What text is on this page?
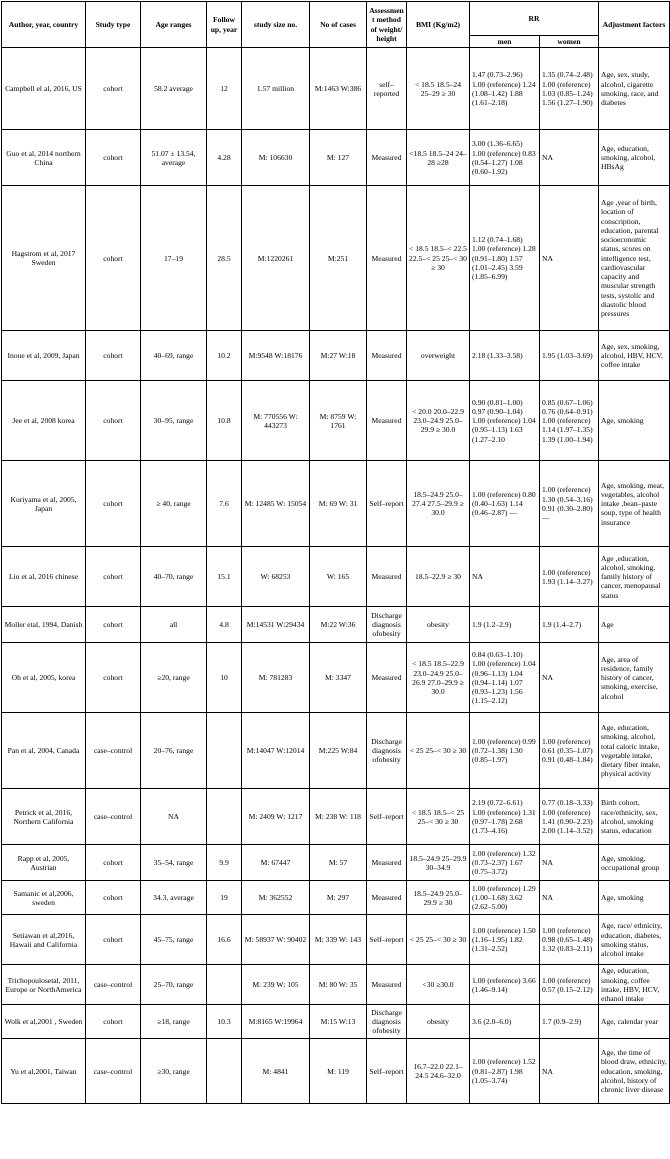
Author, year, country	Study type	Age ranges	Follow up, year	study size no.	No of cases	Assessment method of weight/ height	BMI (Kg/m2)	RR		Adjustment factors
								men	women	
Campbell el al, 2016, US	cohort	58.2 average	12	1.57 million	M:1463 W:386	self–reported	< 18.5 18.5–24 25–29 ≥ 30	1.47 (0.73–2.96) 1.00 (reference) 1.24 (1.08–1.42) 1.88 (1.61–2.18)	1.35 (0.74–2.48) 1.00 (reference) 1.03 (0.85–1.24) 1.56 (1.27–1.90)	Age, sex, study, alcohol, cigarette smoking, race, and diabetes
Guo et al, 2014 northern China	cohort	51.07 ± 13.54, average	4.28	M: 106630	M: 127	Measured	<18.5 18.5–24 24–28 ≥28	3.00 (1.36–6.65) 1.00 (reference) 0.83 (0.54–1.27) 1.08 (0.60–1.92)	NA	Age, education, smoking, alcohol, HBsAg
Hagstrom et al, 2017 Sweden	cohort	17–19	28.5	M:1220261	M:251	Measured	< 18.5 18.5–< 22.5 22.5–< 25 25–< 30 ≥ 30	1.12 (0.74–1.68) 1.00 (reference) 1.28 (0.91–1.80) 1.57 (1.01–2.45) 3.59 (1.85–6.99)	NA	Age ,year of birth, location of conscription, education, parental socioeconomic status, scores on intelligence test, cardiovascular capacity and muscular strength tests, systolic and diastolic blood pressures
Inoue et al, 2009, Japan	cohort	40–69, range	10.2	M:9548 W:18176	M:27 W:18	Measured	overweight	2.18 (1.33–3.58)	1.95 (1.03–3.69)	Age, sex, smoking, alcohol, HBV, HCV, coffee intake
Jee et al, 2008 korea	cohort	30–95, range	10.8	M: 770556 W: 443273	M: 8759 W: 1761	Measured	< 20.0 20.0–22.9 23.0–24.9 25.0–29.9 ≥ 30.0	0.90 (0.81–1.00) 0.97 (0.90–1.04) 1.00 (reference) 1.04 (0.95–1.13) 1.63 (1.27–2.10	0.85 (0.67–1.06) 0.76 (0.64–0.91) 1.00 (reference) 1.14 (1.97–1.35) 1.39 (1.00–1.94)	Age, smoking
Kuriyama et al, 2005, Japan	cohort	≥ 40, range	7.6	M: 12485 W: 15054	M: 69 W: 31	Self–report	18.5–24.9 25.0–27.4 27.5–29.9 ≥ 30.0	1.00 (reference) 0.80 (0.40–1.63) 1.14 (0.46–2.87) —	1.00 (reference) 1.30 (0.54–3.16) 0.91 (0.30–2.80) —	Age, smoking, meat, vegetables, alcohol intake ,bean–paste soup, type of health insurance
Liu et al, 2016 chinese	cohort	40–70, range	15.1	W: 68253	W: 165	Measured	18.5–22.9 ≥ 30	NA	1.00 (reference) 1.93 (1.14–3.27)	Age ,education, alcohol, smoking, family history of cancer, menopausal status
Moller etal, 1994, Danish	cohort	all	4.8	M:14531 W:29434	M:22 W:36	Discharge diagnosis ofobesity	obesity	1.9 (1.2–2.9)	1.9 (1.4–2.7)	Age
Oh et al, 2005, korea	cohort	≥20, range	10	M: 781283	M: 3347	Measured	< 18.5 18.5–22.9 23.0–24.9 25.0–26.9 27.0–29.9 ≥ 30.0	0.84 (0.63–1.10) 1.00 (reference) 1.04 (0.96–1.13) 1.04 (0.94–1.14) 1.07 (0.93–1.23) 1.56 (1.15–2.12)	NA	Age, area of residence, family history of cancer, smoking, exercise, alcohol
Pan et al, 2004, Canada	case–control	20–76, range		M:14047 W:12014	M:225 W:84	Discharge diagnosis ofobesity	< 25 25–< 30 ≥ 30	1.00 (reference) 0.99 (0.72–1.38) 1.30 (0.85–1.97)	1.00 (reference) 0.61 (0.35–1.07) 0.91 (0.48–1.84)	Age, education, smoking, alcohol, total caloric intake, vegetable intake, dietary fiber intake, physical activity
Petrick et al, 2016, Northern California	case–control	NA		M: 2409 W: 1217	M: 238 W: 118	Self–report	< 18.5 18.5–< 25 25–< 30 ≥ 30	2.19 (0.72–6.61) 1.00 (reference) 1.31 (0.97–1.78) 2.68 (1.73–4.16)	0.77 (0.18–3.33) 1.00 (reference) 1.41 (0.90–2.23) 2.00 (1.14–3.52)	Birth cohort, race/ethnicity, sex, alcohol, smoking status, education
Rapp et al, 2005, Austrian	cohort	35–54, range	9.9	M: 67447	M: 57	Measured	18.5–24.9 25–29.9 30–34.9	1.00 (reference) 1.32 (0.73–2.37) 1.67 (0.75–3.72)	NA	Age, smoking, occupational group
Samanic et al,2006, sweden	cohort	34.3, average	19	M: 362552	M: 297	Measured	18.5–24.9 25.0–29.9 ≥ 30	1.00 (reference) 1.29 (1.00–1.68) 3.62 (2.62–5.00)	NA	Age, smoking
Setiawan et al,2016, Hawaii and California	cohort	45–75, range	16.6	M: 58937 W: 90402	M: 339 W: 143	Self–report	< 25 25–< 30 ≥ 30	1.00 (reference) 1.50 (1.16–1.95) 1.82 (1.31–2.52)	1.00 (reference) 0.98 (0.65–1.48) 1.32 (0.83–2.11)	Age, race/ ethnicity, education, diabetes, smoking status, alcohol intake
Trichopoulosetal, 2011, Europe or NorthAmerica	case–control	25–70, range		M: 239 W: 105	M: 80 W: 35	Measured	<30 ≥30.0	1.00 (reference) 3.66 (1.46–9.14)	1.00 (reference) 0.57 (0.15–2.12)	Age, education, smoking, coffee intake, HBV, HCV, ethanol intake
Wolk et al,2001 , Sweden	cohort	≥18, range	10.3	M:8165 W:19964	M:15 W:13	Discharge diagnosis ofobesity	obesity	3.6 (2.0–6.0)	1.7 (0.9–2.9)	Age, calendar year
Yu et al,2001, Taiwan	case–control	≥30, range		M: 4841	M: 119	Self–report	16.7–22.0 22.1–24.5 24.6–32.0	1.00 (reference) 1.52 (0.81–2.87) 1.98 (1.05–3.74)	NA	Age, the time of blood draw, ethnicity, education, smoking, alcohol, history of chronic liver disease
